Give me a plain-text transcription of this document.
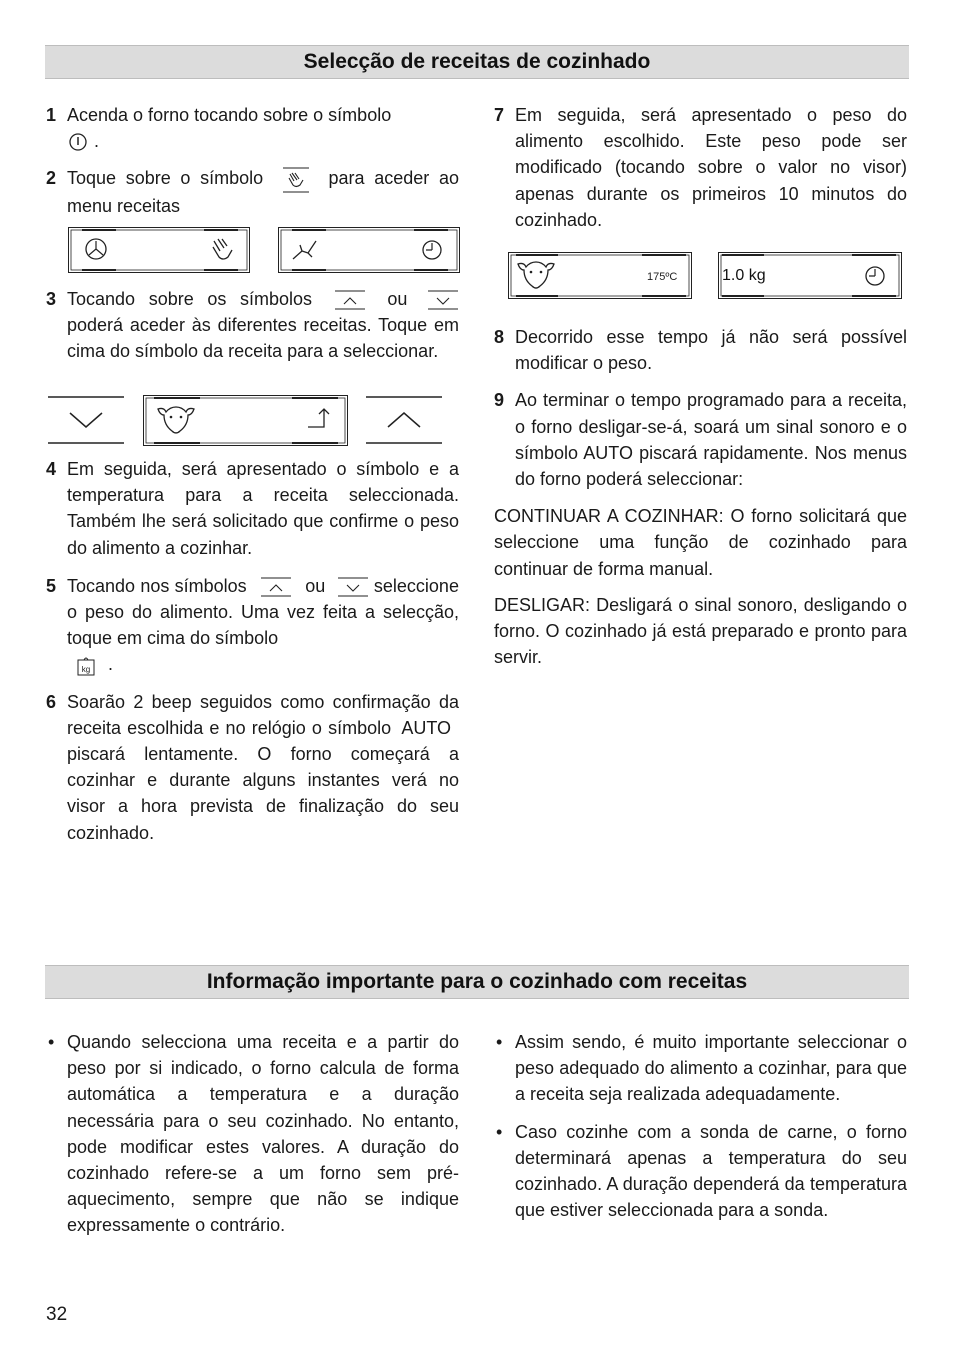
Selecção de receitas de cozinhado
1 Acenda o forno tocando sobre o símbolo
.
2 Toque sobre o símbolo	para aceder ao menu receitas
3 Tocando sobre os símbolos	ou  poderá aceder às diferentes receitas. Toque em cima do símbolo da receita para a seleccionar.
4 Em seguida, será apresentado o símbolo e a temperatura para a receita seleccionada. Também lhe será solicitado que confirme o peso do alimento a cozinhar.
5 Tocando nos símbolos	ou	seleccione o peso do alimento. Uma vez feita a selecção, toque em cima do símbolo

kg .
6 Soarão 2 beep seguidos como confirmação da receita escolhida e no relógio o símbolo AUTO piscará lentamente. O forno começará a cozinhar e durante alguns instantes verá no visor a hora prevista de finalização do seu cozinhado.
7 Em seguida, será apresentado o peso do alimento escolhido. Este peso pode ser modificado (tocando sobre o valor no visor) apenas durante os primeiros 10 minutos do cozinhado.
175ºC	1.0 kg
8 Decorrido esse tempo já não será possível modificar o peso.
9 Ao terminar o tempo programado para a receita, o forno desligar-se-á, soará um sinal sonoro e o símbolo AUTO piscará rapidamente. Nos menus do forno poderá seleccionar:

CONTINUAR A COZINHAR: O forno solicitará que seleccione uma função de cozinhado para continuar de forma manual.

DESLIGAR: Desligará o sinal sonoro, desligando o forno. O cozinhado já está preparado e pronto para servir.

Informação importante para o cozinhado com receitas
• Quando selecciona uma receita e a partir do peso por si indicado, o forno calcula de forma automática a temperatura e a duração necessária para o seu cozinhado. No entanto, pode modificar estes valores. A duração do cozinhado refere-se a um forno sem pré-aquecimento, sempre que não se indique expressamente o contrário.
• Assim sendo, é muito importante seleccionar o peso adequado do alimento a cozinhar, para que a receita seja realizada adequadamente.
• Caso cozinhe com a sonda de carne, o forno determinará apenas a temperatura do seu cozinhado. A duração dependerá da temperatura que estiver seleccionada para a sonda.
32
